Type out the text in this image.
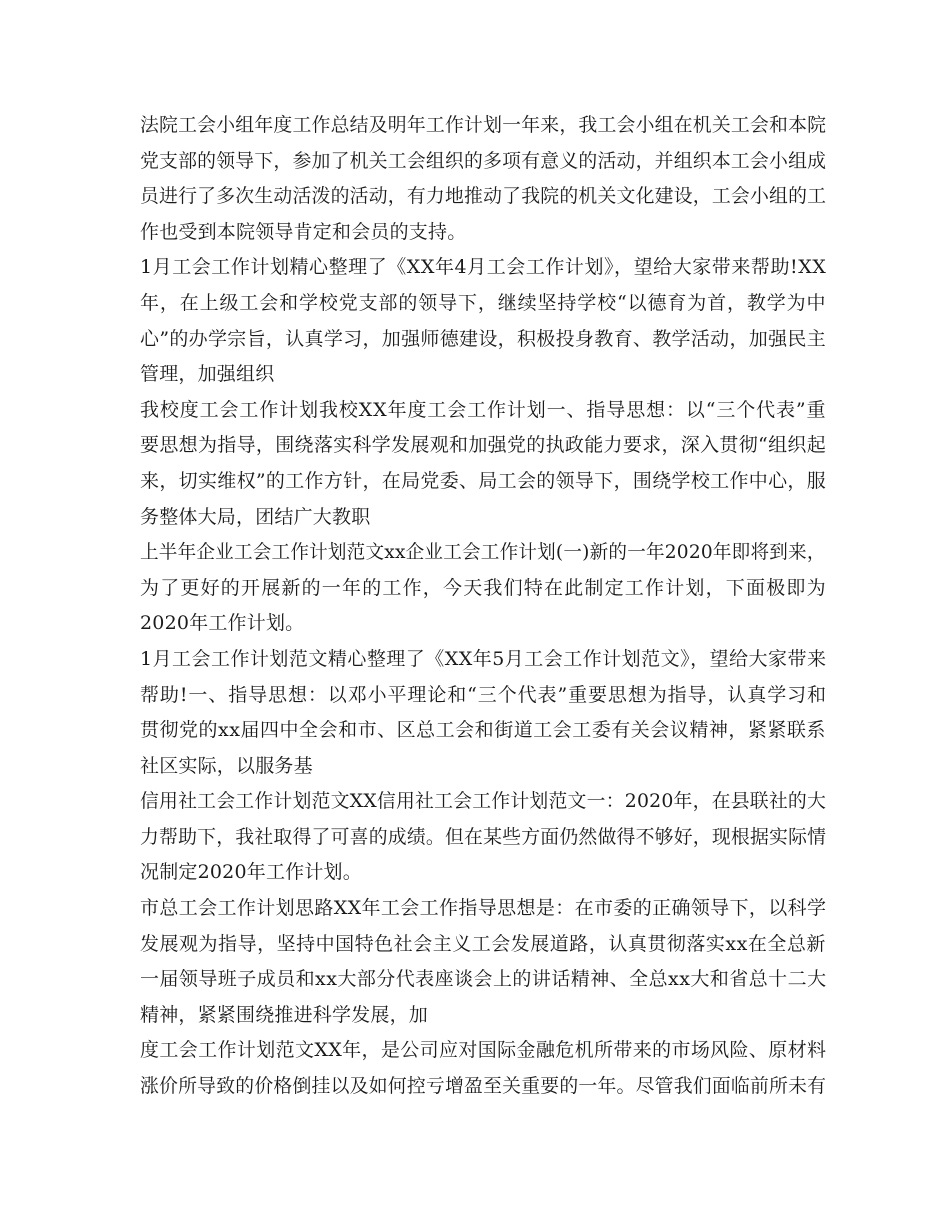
法院工会小组年度工作总结及明年工作计划一年来，我工会小组在机关工会和本院
党支部的领导下，参加了机关工会组织的多项有意义的活动，并组织本工会小组成
员进行了多次生动活泼的活动，有力地推动了我院的机关文化建设，工会小组的工
作也受到本院领导肯定和会员的支持。
1月工会工作计划精心整理了《XX年4月工会工作计划》，望给大家带来帮助!XX
年，在上级工会和学校党支部的领导下，继续坚持学校“以德育为首，教学为中
心”的办学宗旨，认真学习，加强师德建设，积极投身教育、教学活动，加强民主
管理，加强组织
我校度工会工作计划我校XX年度工会工作计划一、指导思想：以“三个代表”重
要思想为指导，围绕落实科学发展观和加强党的执政能力要求，深入贯彻“组织起
来，切实维权”的工作方针，在局党委、局工会的领导下，围绕学校工作中心，服
务整体大局，团结广大教职
上半年企业工会工作计划范文xx企业工会工作计划(一)新的一年2020年即将到来，
为了更好的开展新的一年的工作，今天我们特在此制定工作计划，下面极即为
2020年工作计划。
1月工会工作计划范文精心整理了《XX年5月工会工作计划范文》，望给大家带来
帮助!一、指导思想：以邓小平理论和“三个代表”重要思想为指导，认真学习和
贯彻党的xx届四中全会和市、区总工会和街道工会工委有关会议精神，紧紧联系
社区实际，以服务基
信用社工会工作计划范文XX信用社工会工作计划范文一：2020年，在县联社的大
力帮助下，我社取得了可喜的成绩。但在某些方面仍然做得不够好，现根据实际情
况制定2020年工作计划。
市总工会工作计划思路XX年工会工作指导思想是：在市委的正确领导下，以科学
发展观为指导，坚持中国特色社会主义工会发展道路，认真贯彻落实xx在全总新
一届领导班子成员和xx大部分代表座谈会上的讲话精神、全总xx大和省总十二大
精神，紧紧围绕推进科学发展，加
度工会工作计划范文XX年，是公司应对国际金融危机所带来的市场风险、原材料
涨价所导致的价格倒挂以及如何控亏增盈至关重要的一年。尽管我们面临前所未有
